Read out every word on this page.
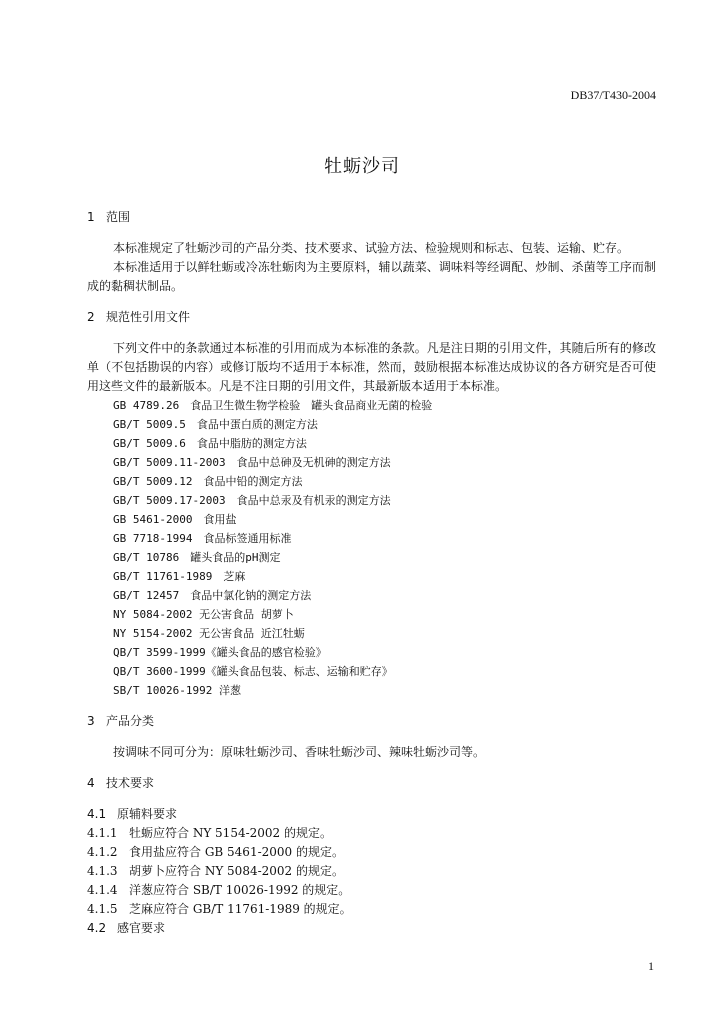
DB37/T430-2004
牡蛎沙司

1 范围

本标准规定了牡蛎沙司的产品分类、技术要求、试验方法、检验规则和标志、包装、运输、贮存。

本标准适用于以鲜牡蛎或冷冻牡蛎肉为主要原料，辅以蔬菜、调味料等经调配、炒制、杀菌等工序而制成的黏稠状制品。

2 规范性引用文件

下列文件中的条款通过本标准的引用而成为本标准的条款。凡是注日期的引用文件，其随后所有的修改单（不包括勘误的内容）或修订版均不适用于本标准，然而，鼓励根据本标准达成协议的各方研究是否可使用这些文件的最新版本。凡是不注日期的引用文件，其最新版本适用于本标准。

GB 4789.26　食品卫生微生物学检验　罐头食品商业无菌的检验

GB/T 5009.5　食品中蛋白质的测定方法

GB/T 5009.6　食品中脂肪的测定方法

GB/T 5009.11-2003　食品中总砷及无机砷的测定方法

GB/T 5009.12　食品中铅的测定方法

GB/T 5009.17-2003　食品中总汞及有机汞的测定方法

GB 5461-2000　食用盐

GB 7718-1994　食品标签通用标准

GB/T 10786　罐头食品的pH测定

GB/T 11761-1989　芝麻

GB/T 12457　食品中氯化钠的测定方法

NY 5084-2002 无公害食品 胡萝卜

NY 5154-2002 无公害食品 近江牡蛎

QB/T 3599-1999《罐头食品的感官检验》

QB/T 3600-1999《罐头食品包装、标志、运输和贮存》

SB/T 10026-1992 洋葱

3 产品分类

按调味不同可分为：原味牡蛎沙司、香味牡蛎沙司、辣味牡蛎沙司等。

4 技术要求

4.1 原辅料要求

4.1.1 牡蛎应符合 NY 5154-2002 的规定。

4.1.2 食用盐应符合 GB 5461-2000 的规定。

4.1.3 胡萝卜应符合 NY 5084-2002 的规定。

4.1.4 洋葱应符合 SB/T 10026-1992 的规定。

4.1.5 芝麻应符合 GB/T 11761-1989 的规定。

4.2 感官要求

1
